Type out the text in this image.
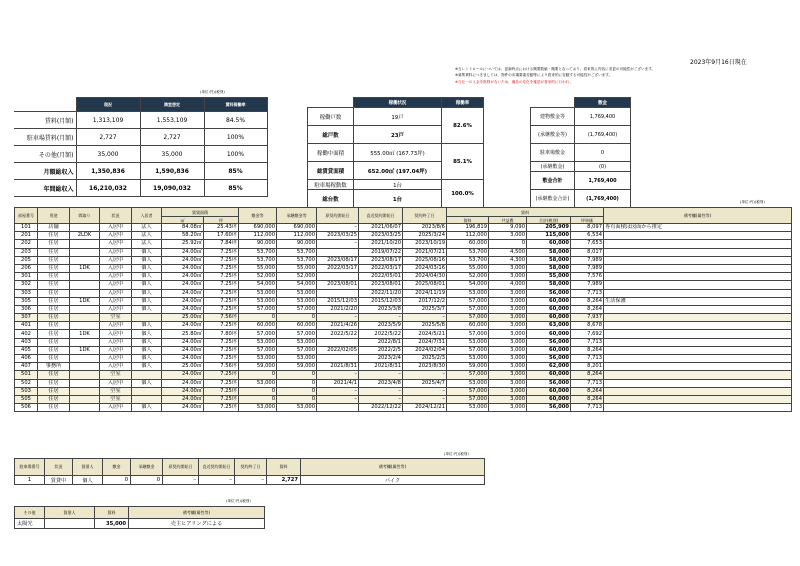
2023年9月16日現在
※当レントロールについては、更新時点における概要数値・概要となっており、将来的に内容に変更の可能性がございます。
※募集賃料につきましては、物件の市場要素変動等により将来的に変動する可能性がございます。
※当社一の入金を推移がないため、備品の変化を確認が将来的に行われ、
(単位:円)(税別)
	現況	満室想定	賃料稼働率
賃料(月額)	1,313,109	1,553,109	84.5%
駐車場賃料(月額)	2,727	2,727	100%
その他(月額)	35,000	35,000	100%
月額総収入	1,350,836	1,590,836	85%
年間総収入	16,210,032	19,090,032	85%
	稼働状況	稼働率
稼働戸数	19戸	82.6%
総戸数	23戸	
稼働中面積	555.00㎡ (167.73坪)	85.1%
総賃貸面積	652.00㎡ (197.04坪)	
駐車場稼動数	1台	100.0%
総台数	1台	
	敷金
建物敷金等	1,769,400
(承継敷金等)	(1,769,400)
駐車場敷金	0
(承継敷金)	(0)
敷金合計	1,769,400
(承継敷金合計)	(1,769,400)
(単位:円)(税別)
部屋番号	用途	間取り	状況	入居者	賃貸面積		敷金等	承継敷金等	原契約開始日	直近契約開始日	契約終了日	賃料				備考欄(属性等)
					㎡	坪						賃料	共益費	合計(税別)	坪単価	
101	店舗		入居中	法人	84.08㎡	25.43坪	690,000	690,000	–	2021/06/07	2023/8/6	196,819	9,090	205,909	8,097	専有面積は図面から推定
201	住居	2LDK	入居中	法人	58.20㎡	17.60坪	112,000	112,000	2023/03/25	2023/03/25	2025/3/24	112,000	3,000	115,000	6,534	
202	住居		入居中	法人	25.92㎡	7.84坪	90,000	90,000	–	2021/10/20	2023/10/19	60,000	0	60,000	7,653	
203	住居		入居中	個人	24.00㎡	7.25坪	53,700	53,700		2019/07/22	2021/07/21	53,700	4,500	58,000	8,017	
205	住居		入居中	個人	24.00㎡	7.25坪	53,700	53,700	2023/08/17	2023/08/17	2025/08/16	53,700	4,300	58,000	7,989	
206	住居	1DK	入居中	個人	24.00㎡	7.25坪	55,000	55,000	2022/03/17	2022/03/17	2024/03/16	55,000	3,000	58,000	7,989	
301	住居		入居中	個人	24.00㎡	7.25坪	52,000	52,000		2022/05/01	2024/04/30	52,000	3,000	55,000	7,576	
302	住居		入居中	個人	24.00㎡	7.25坪	54,000	54,000	2023/08/01	2023/08/01	2025/08/01	54,000	4,000	58,000	7,989	
303	住居		入居中	個人	24.00㎡	7.25坪	53,000	53,000		2022/11/20	2024/11/19	53,000	3,000	56,000	7,713	
305	住居	1DK	入居中	個人	24.00㎡	7.25坪	53,000	53,000	2015/12/03	2015/12/03	2017/12/2	57,000	3,000	60,000	8,264	生活保護
306	住居		入居中	個人	24.00㎡	7.25坪	57,000	57,000	2021/2/20	2023/3/8	2025/3/7	57,000	3,000	60,000	8,264	
307	住居		空室		25.00㎡	7.56坪	0	0	–	–	–	57,000	3,000	60,000	7,937	
401	住居		入居中	個人	24.00㎡	7.25坪	60,000	60,000	2021/4/26	2023/5/9	2025/5/8	60,000	3,000	63,000	8,678	
402	住居	1DK	入居中	個人	25.80㎡	7.80坪	57,000	57,000	2022/5/22	2022/5/22	2024/5/21	57,000	3,000	60,000	7,692	
403	住居		入居中	個人	24.00㎡	7.25坪	53,000	53,000		2022/8/1	2024/7/31	53,000	3,000	56,000	7,713	
405	住居	1DK	入居中	個人	24.00㎡	7.25坪	57,000	57,000	2022/02/05	2022/2/5	2024/02/04	57,000	3,000	60,000	8,264	
406	住居		入居中	個人	24.00㎡	7.25坪	53,000	53,000		2023/2/4	2025/2/3	53,000	3,000	56,000	7,713	
407	事務所		入居中	個人	25.00㎡	7.56坪	59,000	59,000	2021/8/31	2021/8/31	2023/8/30	59,000	3,000	62,000	8,201	
501	住居		空室		24.00㎡	7.25坪	0	0	–	–	–	57,000	3,000	60,000	8,264	
502	住居		入居中	個人	24.00㎡	7.25坪	53,000	0	2021/4/1	2023/4/8	2025/4/7	53,000	3,000	56,000	7,713	
503	住居		空室		24.00㎡	7.25坪	0	0	–	–	–	57,000	3,000	60,000	8,264	
505	住居		空室		24.00㎡	7.25坪	0	0	–	–	–	57,000	3,000	60,000	8,264	
506	住居		入居中	個人	24.00㎡	7.25坪	53,000	53,000		2022/12/22	2024/12/21	53,000	3,000	56,000	7,713	
(単位:円)(税別)
駐車場番号	状況	賃借人	敷金	承継敷金	原契約開始日	直近契約開始日	契約終了日	賃料	備考欄(属性等)
1	賃貸中	個人	0	0	–	–	–	2,727	バイク
(単位:円)(税別)
その他	賃借人	賃料	備考欄(属性等)
太陽光		35,000	売主ヒアリングによる
